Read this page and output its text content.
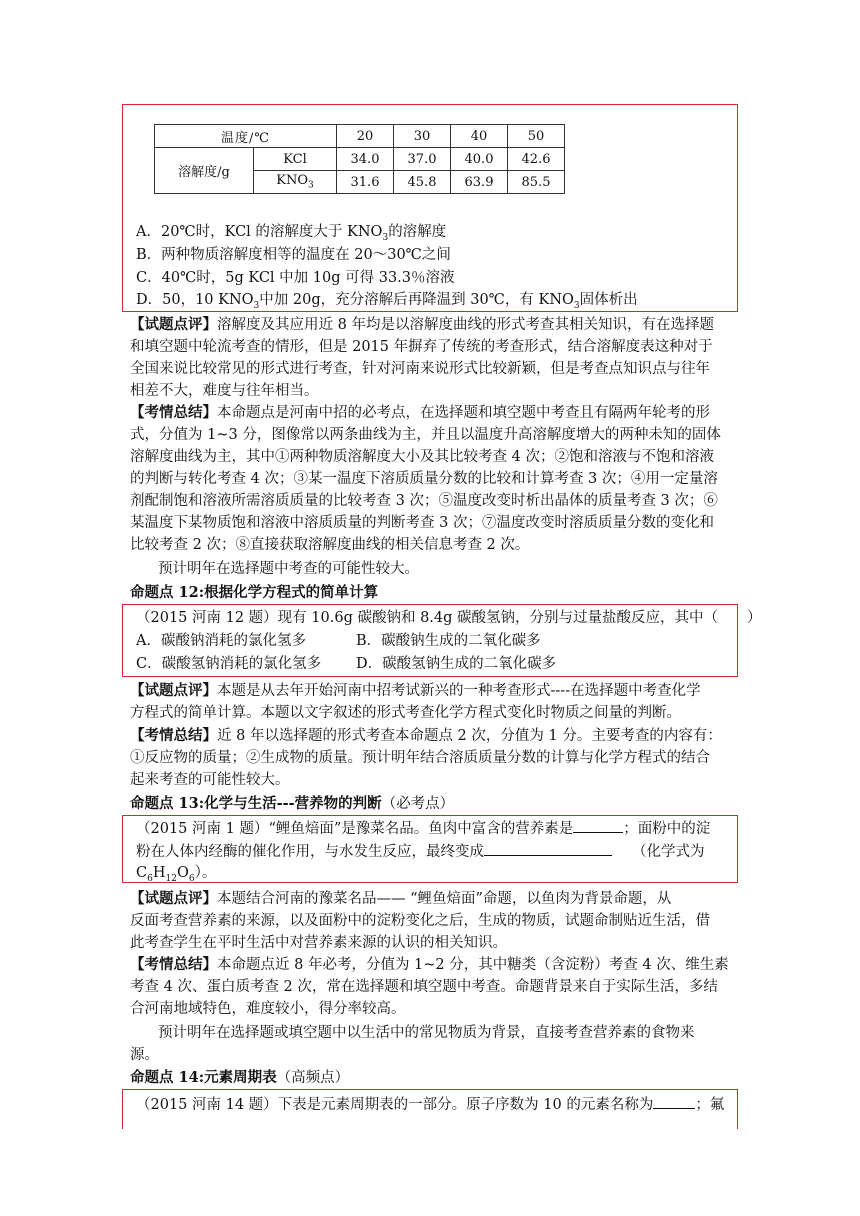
温度/℃		20	30	40	50
溶解度/g	KCl	34.0	37.0	40.0	42.6
	$KNO_3$	31.6	45.8	63.9	85.5
A．20℃时，KCl 的溶解度大于 $KNO_3$的溶解度
B．两种物质溶解度相等的温度在 20～30℃之间
C．40℃时，5g KCl 中加 10g 可得 33.3％溶液
D．50，10 $KNO_3$中加 20g，充分溶解后再降温到 30℃，有 $KNO_3$固体析出
【试题点评】溶解度及其应用近 8 年均是以溶解度曲线的形式考查其相关知识，有在选择题
和填空题中轮流考查的情形，但是 2015 年摒弃了传统的考查形式，结合溶解度表这种对于
全国来说比较常见的形式进行考查，针对河南来说形式比较新颖，但是考查点知识点与往年
相差不大，难度与往年相当。
【考情总结】本命题点是河南中招的必考点，在选择题和填空题中考查且有隔两年轮考的形
式，分值为 1~3 分，图像常以两条曲线为主，并且以温度升高溶解度增大的两种未知的固体
溶解度曲线为主，其中①两种物质溶解度大小及其比较考查 4 次；②饱和溶液与不饱和溶液
的判断与转化考查 4 次；③某一温度下溶质质量分数的比较和计算考查 3 次；④用一定量溶
剂配制饱和溶液所需溶质质量的比较考查 3 次；⑤温度改变时析出晶体的质量考查 3 次；⑥
某温度下某物质饱和溶液中溶质质量的判断考查 3 次；⑦温度改变时溶质质量分数的变化和
比较考查 2 次；⑧直接获取溶解度曲线的相关信息考查 2 次。
预计明年在选择题中考查的可能性较大。
命题点 12:根据化学方程式的简单计算
（2015 河南 12 题）现有 10.6g 碳酸钠和 8.4g 碳酸氢钠，分别与过量盐酸反应，其中（　　）
A．碳酸钠消耗的氯化氢多	B．碳酸钠生成的二氧化碳多
C．碳酸氢钠消耗的氯化氢多 D．碳酸氢钠生成的二氧化碳多
【试题点评】本题是从去年开始河南中招考试新兴的一种考查形式----在选择题中考查化学
方程式的简单计算。本题以文字叙述的形式考查化学方程式变化时物质之间量的判断。
【考情总结】近 8 年以选择题的形式考查本命题点 2 次，分值为 1 分。主要考查的内容有：
①反应物的质量；②生成物的质量。预计明年结合溶质质量分数的计算与化学方程式的结合
起来考查的可能性较大。
命题点 13:化学与生活---营养物的判断（必考点）
（2015 河南 1 题）“鲤鱼焙面”是豫菜名品。鱼肉中富含的营养素是	；面粉中的淀
粉在人体内经酶的催化作用，与水发生反应，最终变成	（化学式为
$C_6H_{12}O_6$）。
【试题点评】本题结合河南的豫菜名品—— “鲤鱼焙面”命题，以鱼肉为背景命题，从
反面考查营养素的来源，以及面粉中的淀粉变化之后，生成的物质，试题命制贴近生活，借
此考查学生在平时生活中对营养素来源的认识的相关知识。
【考情总结】本命题点近 8 年必考，分值为 1~2 分，其中糖类（含淀粉）考查 4 次、维生素
考查 4 次、蛋白质考查 2 次，常在选择题和填空题中考查。命题背景来自于实际生活，多结
合河南地域特色，难度较小，得分率较高。
预计明年在选择题或填空题中以生活中的常见物质为背景，直接考查营养素的食物来
源。
命题点 14:元素周期表（高频点）
（2015 河南 14 题）下表是元素周期表的一部分。原子序数为 10 的元素名称为	；氟
